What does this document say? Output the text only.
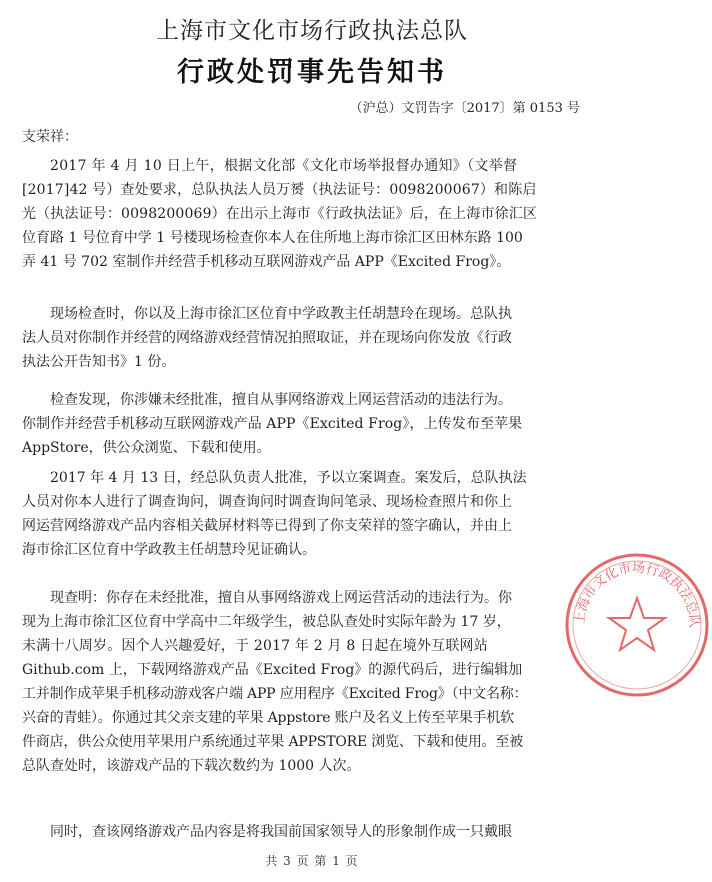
上海市文化市场行政执法总队
行政处罚事先告知书
（沪总）文罚告字〔2017〕第 0153 号
支荣祥：
2017 年 4 月 10 日上午，根据文化部《文化市场举报督办通知》（文举督
[2017]42 号）查处要求，总队执法人员万赟（执法证号：0098200067）和陈启
光（执法证号：0098200069）在出示上海市《行政执法证》后，在上海市徐汇区
位育路 1 号位育中学 1 号楼现场检查你本人在住所地上海市徐汇区田林东路 100
弄 41 号 702 室制作并经营手机移动互联网游戏产品 APP《Excited Frog》。
现场检查时，你以及上海市徐汇区位育中学政教主任胡慧玲在现场。总队执
法人员对你制作并经营的网络游戏经营情况拍照取证，并在现场向你发放《行政
执法公开告知书》1 份。
检查发现，你涉嫌未经批准，擅自从事网络游戏上网运营活动的违法行为。
你制作并经营手机移动互联网游戏产品 APP《Excited Frog》，上传发布至苹果
AppStore，供公众浏览、下载和使用。
2017 年 4 月 13 日，经总队负责人批准，予以立案调查。案发后，总队执法
人员对你本人进行了调查询问，调查询问时调查询问笔录、现场检查照片和你上
网运营网络游戏产品内容相关截屏材料等已得到了你支荣祥的签字确认，并由上
海市徐汇区位育中学政教主任胡慧玲见证确认。
现查明：你存在未经批准，擅自从事网络游戏上网运营活动的违法行为。你
现为上海市徐汇区位育中学高中二年级学生，被总队查处时实际年龄为 17 岁，
未满十八周岁。因个人兴趣爱好，于 2017 年 2 月 8 日起在境外互联网站
Github.com 上，下载网络游戏产品《Excited Frog》的源代码后，进行编辑加
工并制作成苹果手机移动游戏客户端 APP 应用程序《Excited Frog》（中文名称：
兴奋的青蛙）。你通过其父亲支建的苹果 Appstore 账户及名义上传至苹果手机软
件商店，供公众使用苹果用户系统通过苹果 APPSTORE 浏览、下载和使用。至被
总队查处时，该游戏产品的下载次数约为 1000 人次。
同时，查该网络游戏产品内容是将我国前国家领导人的形象制作成一只戴眼
上海市文化市场行政执法总队
共 3 页 第 1 页
